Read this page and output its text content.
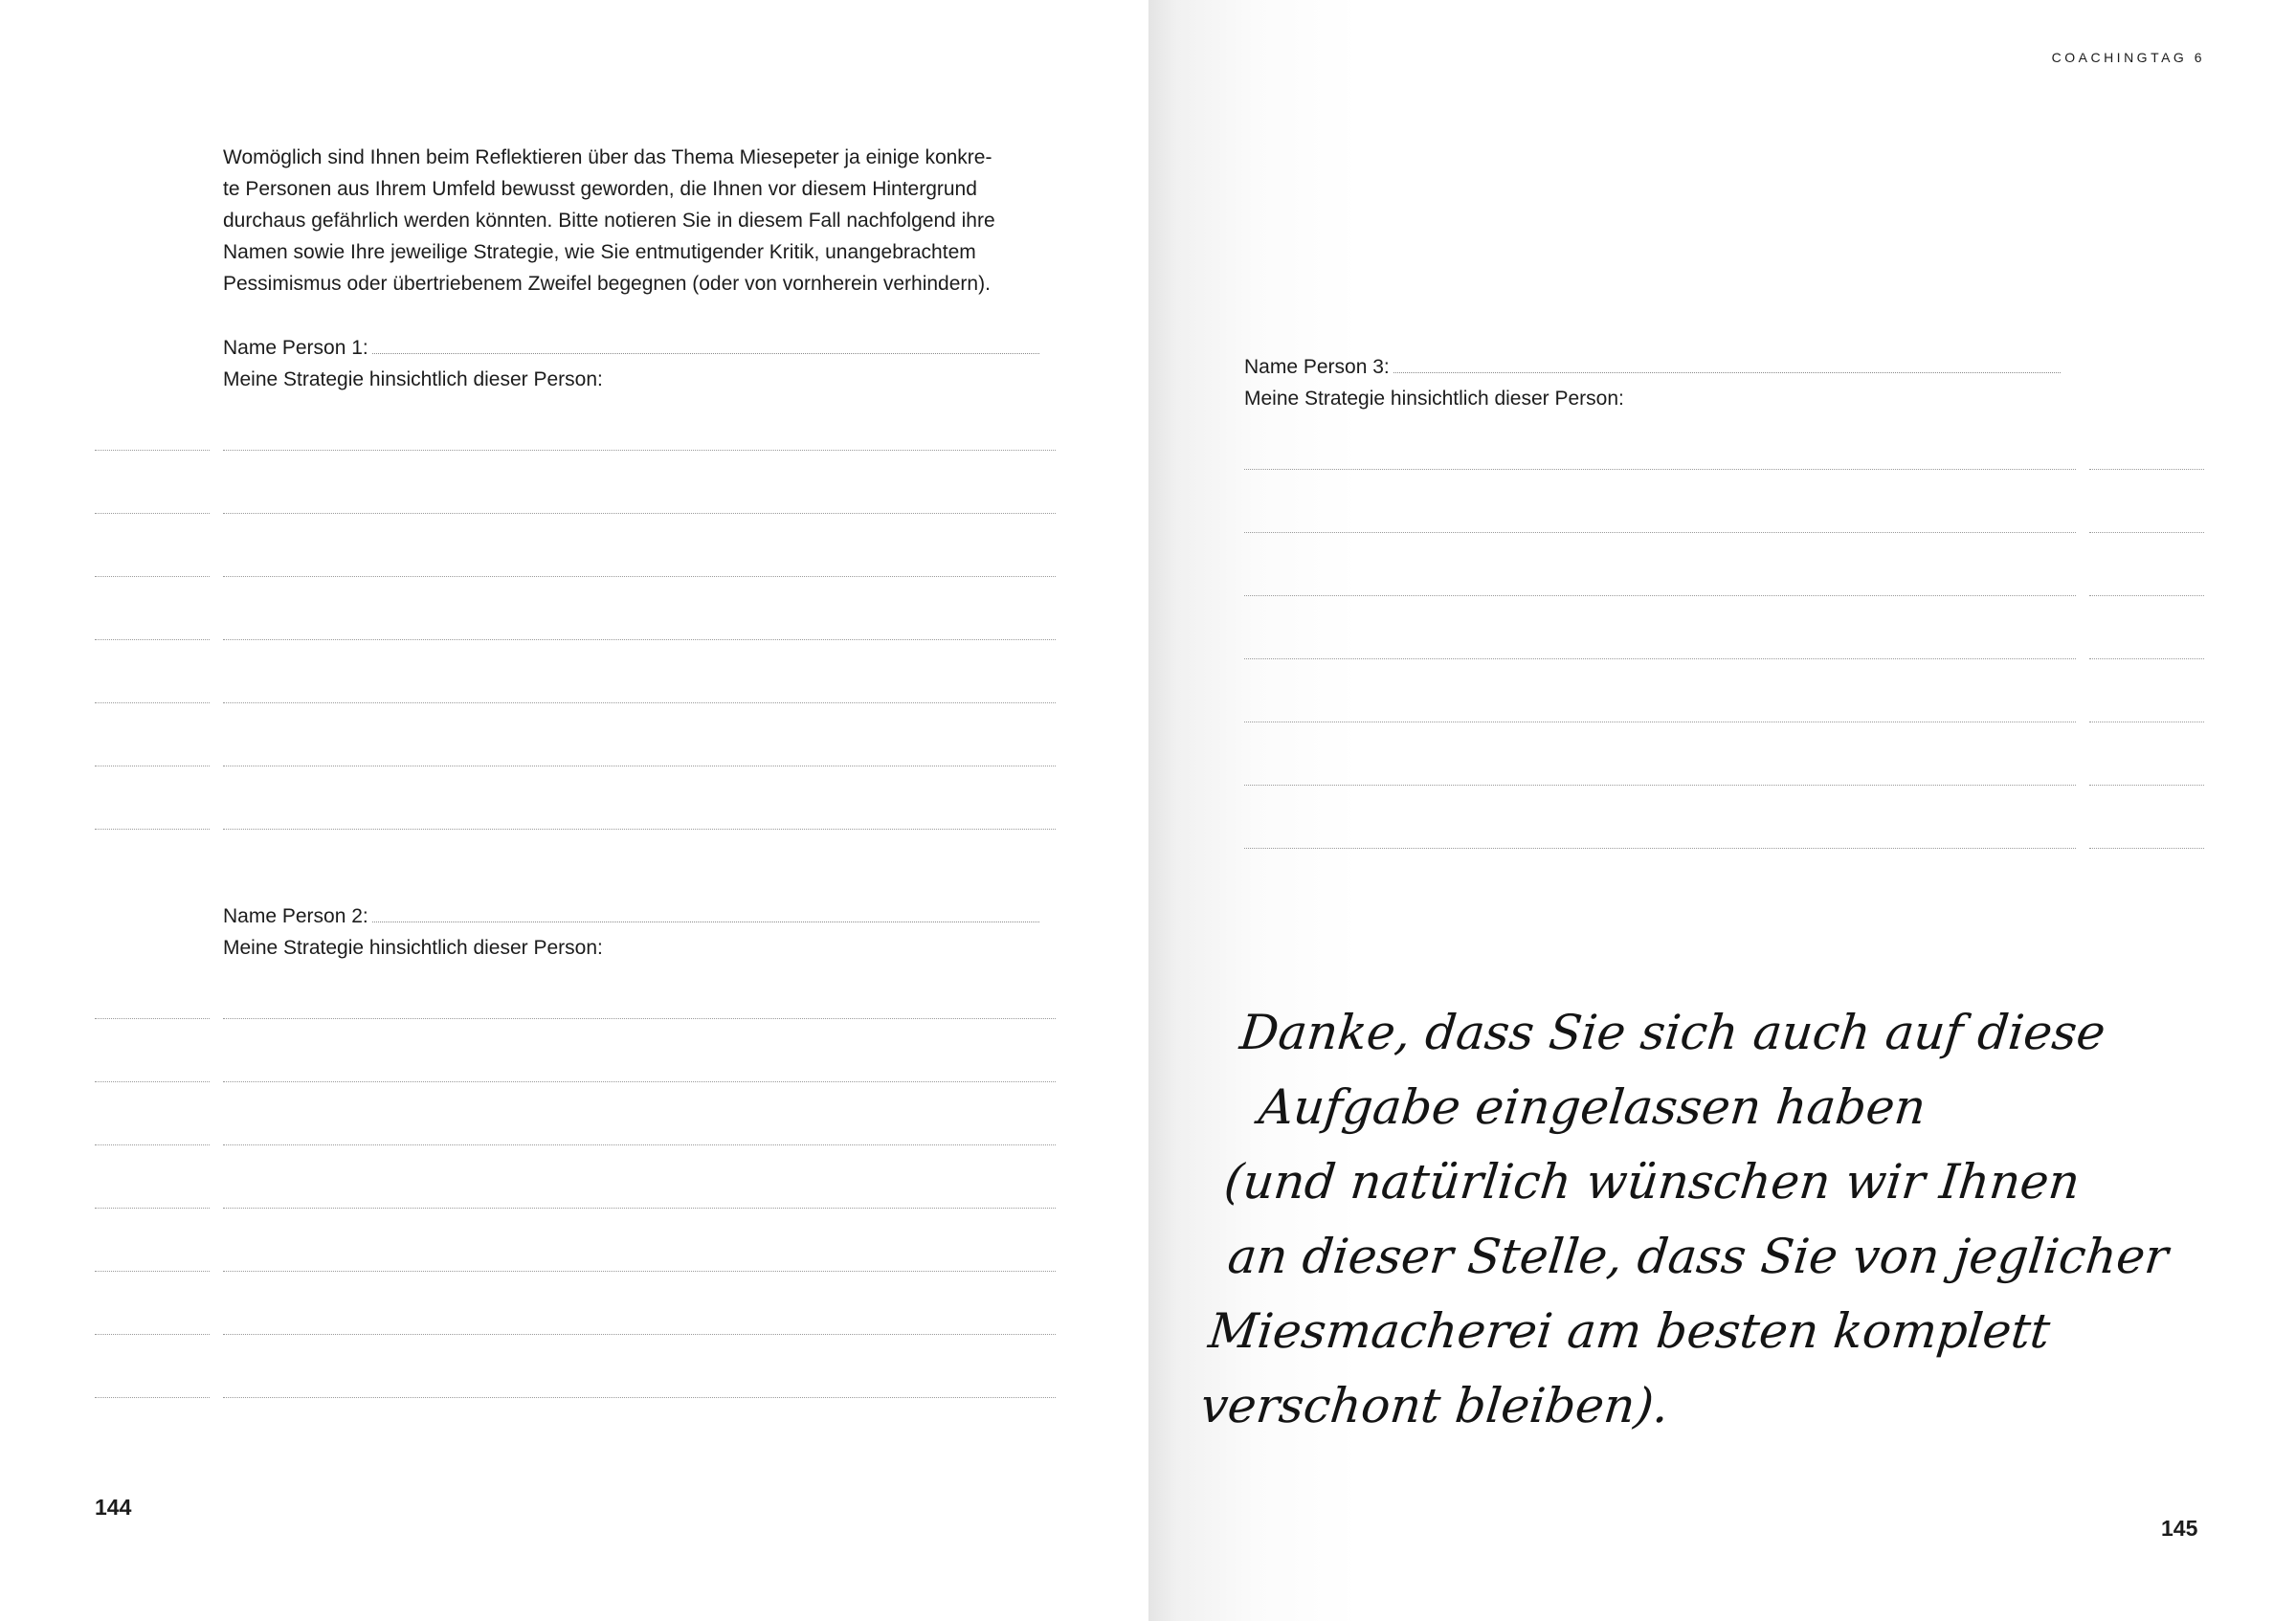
Womöglich sind Ihnen beim Reflektieren über das Thema Miesepeter ja einige konkre-
te Personen aus Ihrem Umfeld bewusst geworden, die Ihnen vor diesem Hintergrund
durchaus gefährlich werden könnten. Bitte notieren Sie in diesem Fall nachfolgend ihre
Namen sowie Ihre jeweilige Strategie, wie Sie entmutigender Kritik, unangebrachtem
Pessimismus oder übertriebenem Zweifel begegnen (oder von vornherein verhindern).
Name Person 1:
Meine Strategie hinsichtlich dieser Person:
Name Person 2:
Meine Strategie hinsichtlich dieser Person:
144
COACHINGTAG 6
Name Person 3:
Meine Strategie hinsichtlich dieser Person:
Danke, dass Sie sich auch auf diese
Aufgabe eingelassen haben
(und natürlich wünschen wir Ihnen
an dieser Stelle, dass Sie von jeglicher
Miesmacherei am besten komplett
verschont bleiben).
145
